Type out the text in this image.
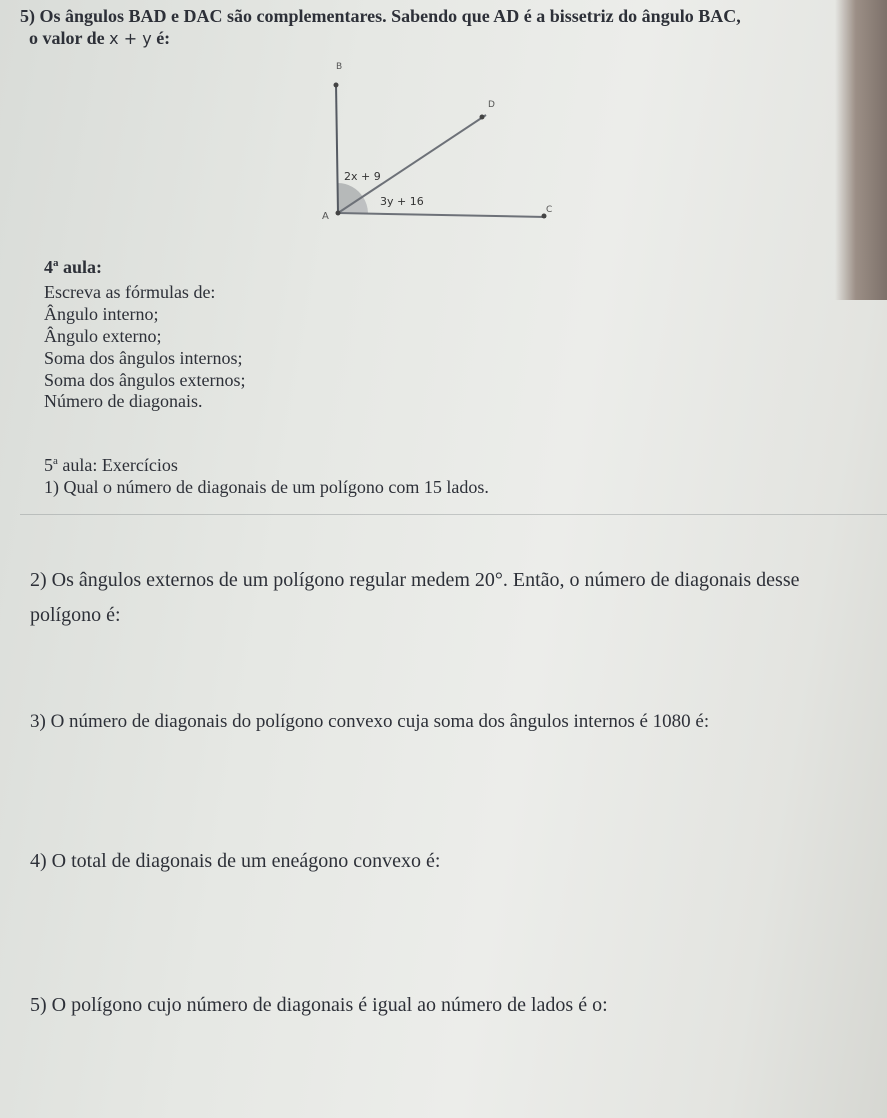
5) Os ângulos BAD e DAC são complementares. Sabendo que AD é a bissetriz do ângulo BAC,
o valor de x + y é:
B
D
A
C
2x + 9
3y + 16
4$^a$ aula:
Escreva as fórmulas de:
Ângulo interno;
Ângulo externo;
Soma dos ângulos internos;
Soma dos ângulos externos;
Número de diagonais.
5$^a$ aula: Exercícios
1) Qual o número de diagonais de um polígono com 15 lados.
2) Os ângulos externos de um polígono regular medem 20°. Então, o número de diagonais desse
polígono é:
3) O número de diagonais do polígono convexo cuja soma dos ângulos internos é 1080 é:
4) O total de diagonais de um eneágono convexo é:
5) O polígono cujo número de diagonais é igual ao número de lados é o:
